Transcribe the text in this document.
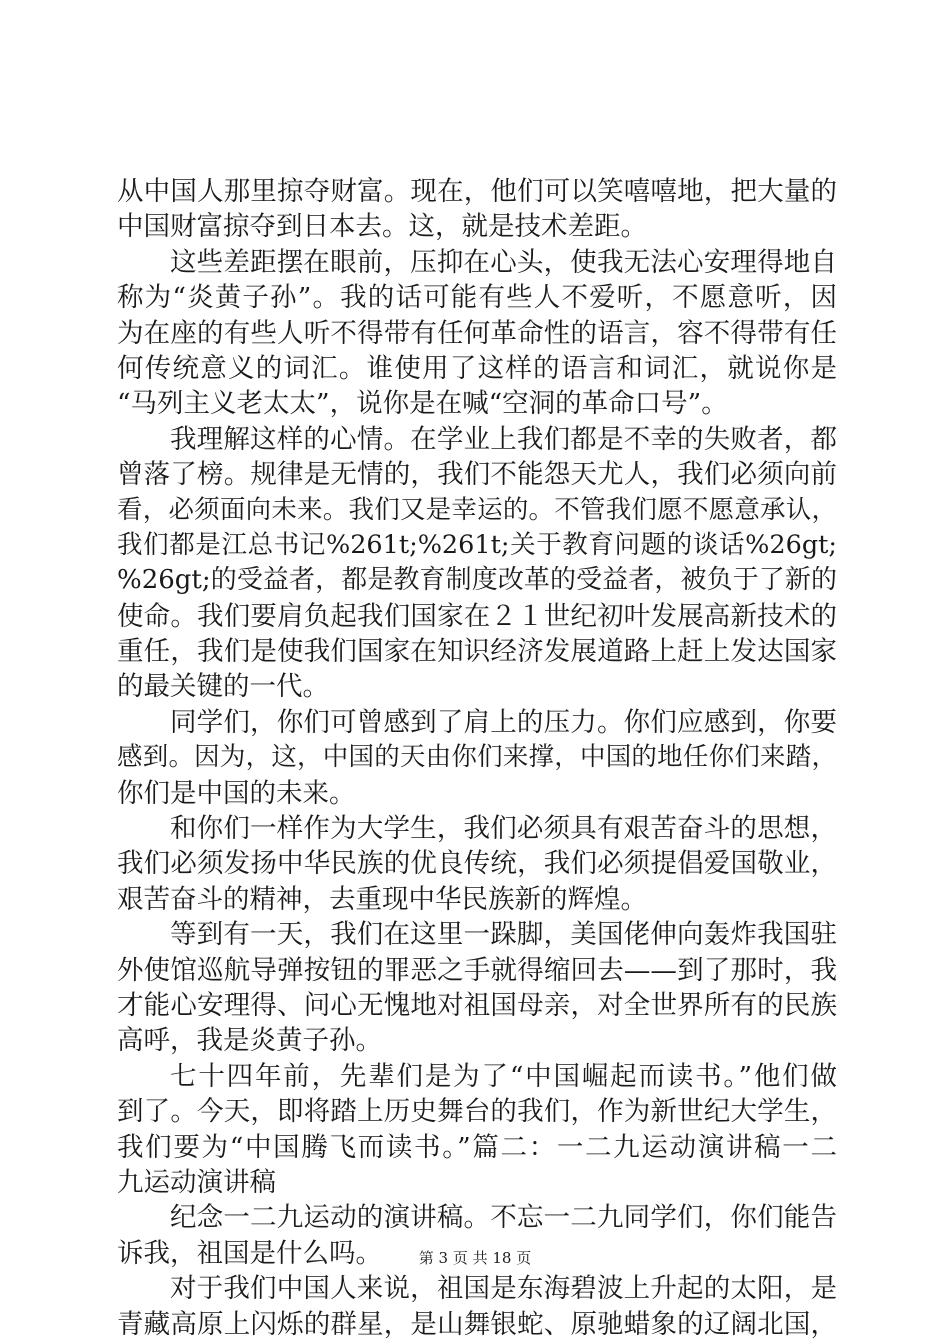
从中国人那里掠夺财富。现在，他们可以笑嘻嘻地，把大量的
中国财富掠夺到日本去。这，就是技术差距。
这些差距摆在眼前，压抑在心头，使我无法心安理得地自
称为“炎黄子孙”。我的话可能有些人不爱听，不愿意听，因
为在座的有些人听不得带有任何革命性的语言，容不得带有任
何传统意义的词汇。谁使用了这样的语言和词汇，就说你是
“马列主义老太太”，说你是在喊“空洞的革命口号”。
我理解这样的心情。在学业上我们都是不幸的失败者，都
曾落了榜。规律是无情的，我们不能怨天尤人，我们必须向前
看，必须面向未来。我们又是幸运的。不管我们愿不愿意承认，
我们都是江总书记%261t;%261t;关于教育问题的谈话%26gt;
%26gt;的受益者，都是教育制度改革的受益者，被负于了新的
使命。我们要肩负起我们国家在２１世纪初叶发展高新技术的
重任，我们是使我们国家在知识经济发展道路上赶上发达国家
的最关键的一代。
同学们，你们可曾感到了肩上的压力。你们应感到，你要
感到。因为，这，中国的天由你们来撑，中国的地任你们来踏，
你们是中国的未来。
和你们一样作为大学生，我们必须具有艰苦奋斗的思想，
我们必须发扬中华民族的优良传统，我们必须提倡爱国敬业，
艰苦奋斗的精神，去重现中华民族新的辉煌。
等到有一天，我们在这里一跺脚，美国佬伸向轰炸我国驻
外使馆巡航导弹按钮的罪恶之手就得缩回去——到了那时，我
才能心安理得、问心无愧地对祖国母亲，对全世界所有的民族
高呼，我是炎黄子孙。
七十四年前，先辈们是为了“中国崛起而读书。”他们做
到了。今天，即将踏上历史舞台的我们，作为新世纪大学生，
我们要为“中国腾飞而读书。”篇二：一二九运动演讲稿一二
九运动演讲稿
纪念一二九运动的演讲稿。不忘一二九同学们，你们能告
诉我，祖国是什么吗。
对于我们中国人来说，祖国是东海碧波上升起的太阳，是
青藏高原上闪烁的群星，是山舞银蛇、原驰蜡象的辽阔北国，
第 3 页 共 18 页
